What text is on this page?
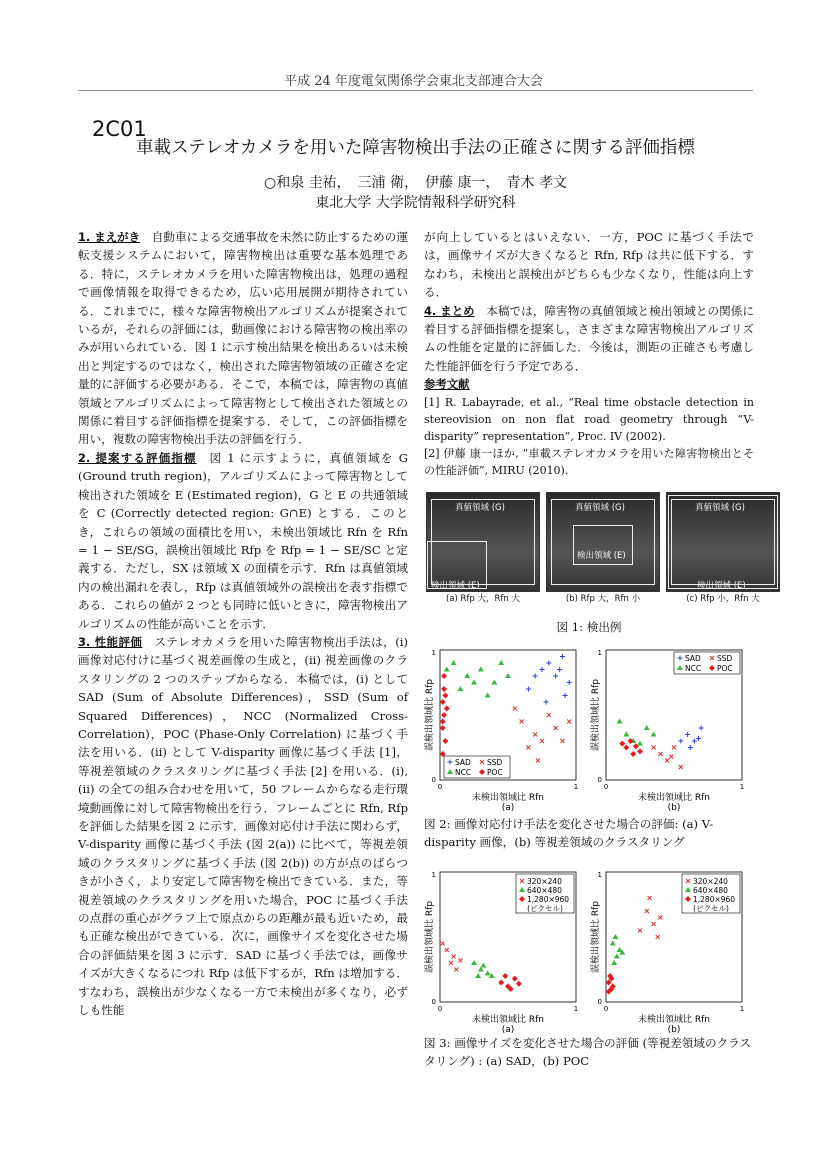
平成 24 年度電気関係学会東北支部連合大会
2C01
車載ステレオカメラを用いた障害物検出手法の正確さに関する評価指標
○和泉 圭祐，　三浦 衛，　伊藤 康一，　青木 孝文
東北大学 大学院情報科学研究科

1. まえがき　 自動車による交通事故を未然に防止するための運転支援システムにおいて，障害物検出は重要な基本処理である．特に，ステレオカメラを用いた障害物検出は，処理の過程で画像情報を取得できるため，広い応用展開が期待されている．これまでに，様々な障害物検出アルゴリズムが提案されているが，それらの評価には，動画像における障害物の検出率のみが用いられている．図 1 に示す検出結果を検出あるいは未検出と判定するのではなく，検出された障害物領域の正確さを定量的に評価する必要がある．そこで，本稿では，障害物の真値領域とアルゴリズムによって障害物として検出された領域との関係に着目する評価指標を提案する．そして，この評価指標を用い，複数の障害物検出手法の評価を行う．

2. 提案する評価指標　 図 1 に示すように，真値領域を G (Ground truth region)，アルゴリズムによって障害物として検出された領域を E (Estimated region)，G と E の共通領域を C (Correctly detected region: G∩E) とする．このとき，これらの領域の面積比を用い，未検出領域比 Rfn を Rfn = 1 − SE/SG，誤検出領域比 Rfp を Rfp = 1 − SE/SC と定義する．ただし，SX は領域 X の面積を示す．Rfn は真値領域内の検出漏れを表し，Rfp は真値領域外の誤検出を表す指標である．これらの値が 2 つとも同時に低いときに，障害物検出アルゴリズムの性能が高いことを示す．

3. 性能評価　 ステレオカメラを用いた障害物検出手法は，(i) 画像対応付けに基づく視差画像の生成と，(ii) 視差画像のクラスタリングの 2 つのステップからなる．本稿では，(i) として SAD (Sum of Absolute Differences)，SSD (Sum of Squared Differences)，NCC (Normalized Cross-Correlation)，POC (Phase-Only Correlation) に基づく手法を用いる．(ii) として V-disparity 画像に基づく手法 [1]，等視差領域のクラスタリングに基づく手法 [2] を用いる．(i), (ii) の全ての組み合わせを用いて，50 フレームからなる走行環境動画像に対して障害物検出を行う．フレームごとに Rfn, Rfp を評価した結果を図 2 に示す．画像対応付け手法に関わらず，V-disparity 画像に基づく手法 (図 2(a)) に比べて，等視差領域のクラスタリングに基づく手法 (図 2(b)) の方が点のばらつきが小さく，より安定して障害物を検出できている．また，等視差領域のクラスタリングを用いた場合，POC に基づく手法の点群の重心がグラフ上で原点からの距離が最も近いため，最も正確な検出ができている．次に，画像サイズを変化させた場合の評価結果を図 3 に示す．SAD に基づく手法では，画像サイズが大きくなるにつれ Rfp は低下するが，Rfn は増加する．すなわち，誤検出が少なくなる一方で未検出が多くなり，必ずしも性能

が向上しているとはいえない．一方，POC に基づく手法では，画像サイズが大きくなると Rfn, Rfp は共に低下する．すなわち，未検出と誤検出がどちらも少なくなり，性能は向上する．

4. まとめ　 本稿では，障害物の真値領域と検出領域との関係に着目する評価指標を提案し，さまざまな障害物検出アルゴリズムの性能を定量的に評価した．今後は，測距の正確さも考慮した性能評価を行う予定である．

参考文献

[1] R. Labayrade, et al., “Real time obstacle detection in stereovision on non flat road geometry through “V-disparity” representation”, Proc. IV (2002).

[2] 伊藤 康一ほか, “車載ステレオカメラを用いた障害物検出とその性能評価”, MIRU (2010).

真値領域 (G)
検出領域 (E)
(a) Rfp 大，Rfn 大
真値領域 (G)
検出領域 (E)
(b) Rfp 大，Rfn 小
真値領域 (G)
検出領域 (E)
(c) Rfp 小，Rfn 大
図 1: 検出例
0	1
0
1
未検出領域比 Rfn
誤検出領域比 Rfp
(a)
SAD SSD
NCC POC
0	1
0
1
未検出領域比 Rfn
誤検出領域比 Rfp
(b)
SAD SSD
NCC POC
図 2: 画像対応付け手法を変化させた場合の評価: (a) V-disparity 画像，(b) 等視差領域のクラスタリング
0	1
0
1
未検出領域比 Rfn
誤検出領域比 Rfp
(a)
320×240
640×480
1,280×960
(ピクセル)
0	1
0
1
未検出領域比 Rfn
誤検出領域比 Rfp
(b)
320×240
640×480
1,280×960
(ピクセル)
図 3: 画像サイズを変化させた場合の評価 (等視差領域のクラスタリング) : (a) SAD，(b) POC
